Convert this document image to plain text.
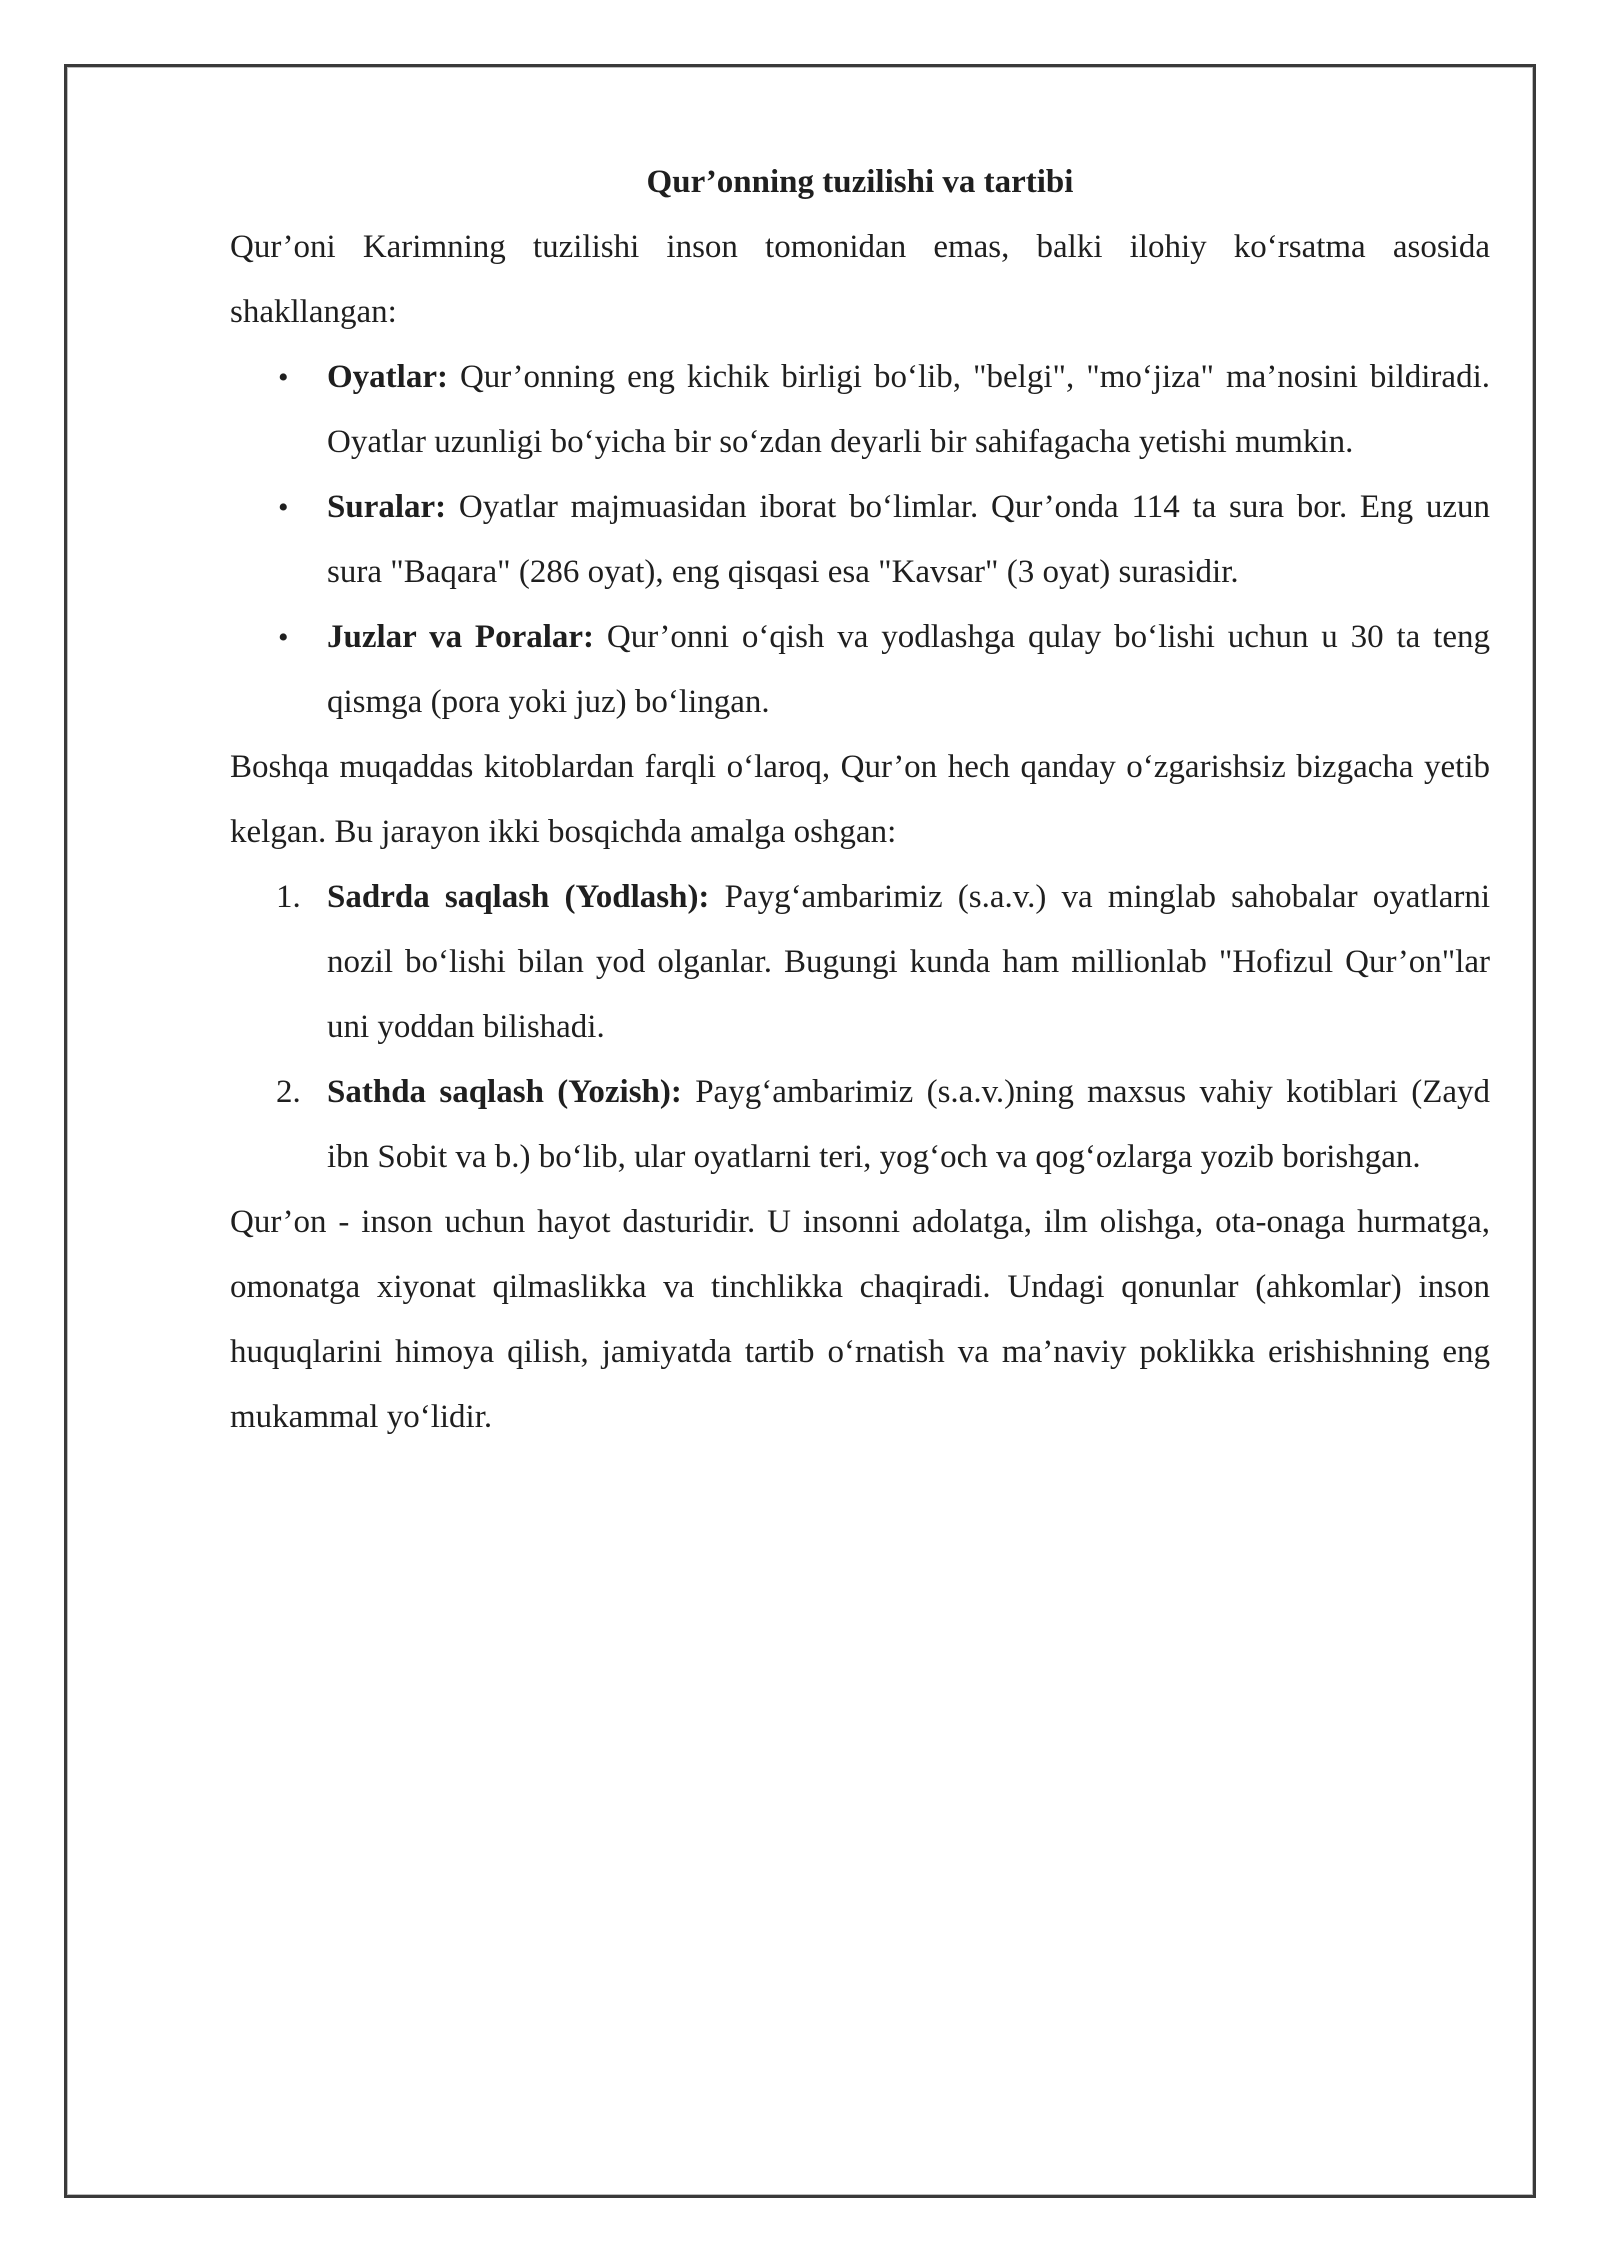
Qur’onning tuzilishi va tartibi

Qur’oni Karimning tuzilishi inson tomonidan emas, balki ilohiy ko‘rsatma asosida shakllangan:

•	Oyatlar: Qur’onning eng kichik birligi bo‘lib, "belgi", "mo‘jiza" ma’nosini bildiradi. Oyatlar uzunligi bo‘yicha bir so‘zdan deyarli bir sahifagacha yetishi mumkin.
•	Suralar: Oyatlar majmuasidan iborat bo‘limlar. Qur’onda 114 ta sura bor. Eng uzun sura "Baqara" (286 oyat), eng qisqasi esa "Kavsar" (3 oyat) surasidir.
•	Juzlar va Poralar: Qur’onni o‘qish va yodlashga qulay bo‘lishi uchun u 30 ta teng qismga (pora yoki juz) bo‘lingan.

Boshqa muqaddas kitoblardan farqli o‘laroq, Qur’on hech qanday o‘zgarishsiz bizgacha yetib kelgan. Bu jarayon ikki bosqichda amalga oshgan:

1. Sadrda saqlash (Yodlash): Payg‘ambarimiz (s.a.v.) va minglab sahobalar oyatlarni nozil bo‘lishi bilan yod olganlar. Bugungi kunda ham millionlab "Hofizul Qur’on"lar uni yoddan bilishadi.
2. Sathda saqlash (Yozish): Payg‘ambarimiz (s.a.v.)ning maxsus vahiy kotiblari (Zayd ibn Sobit va b.) bo‘lib, ular oyatlarni teri, yog‘och va qog‘ozlarga yozib borishgan.

Qur’on - inson uchun hayot dasturidir. U insonni adolatga, ilm olishga, ota-onaga hurmatga, omonatga xiyonat qilmaslikka va tinchlikka chaqiradi. Undagi qonunlar (ahkomlar) inson huquqlarini himoya qilish, jamiyatda tartib o‘rnatish va ma’naviy poklikka erishishning eng mukammal yo‘lidir.
